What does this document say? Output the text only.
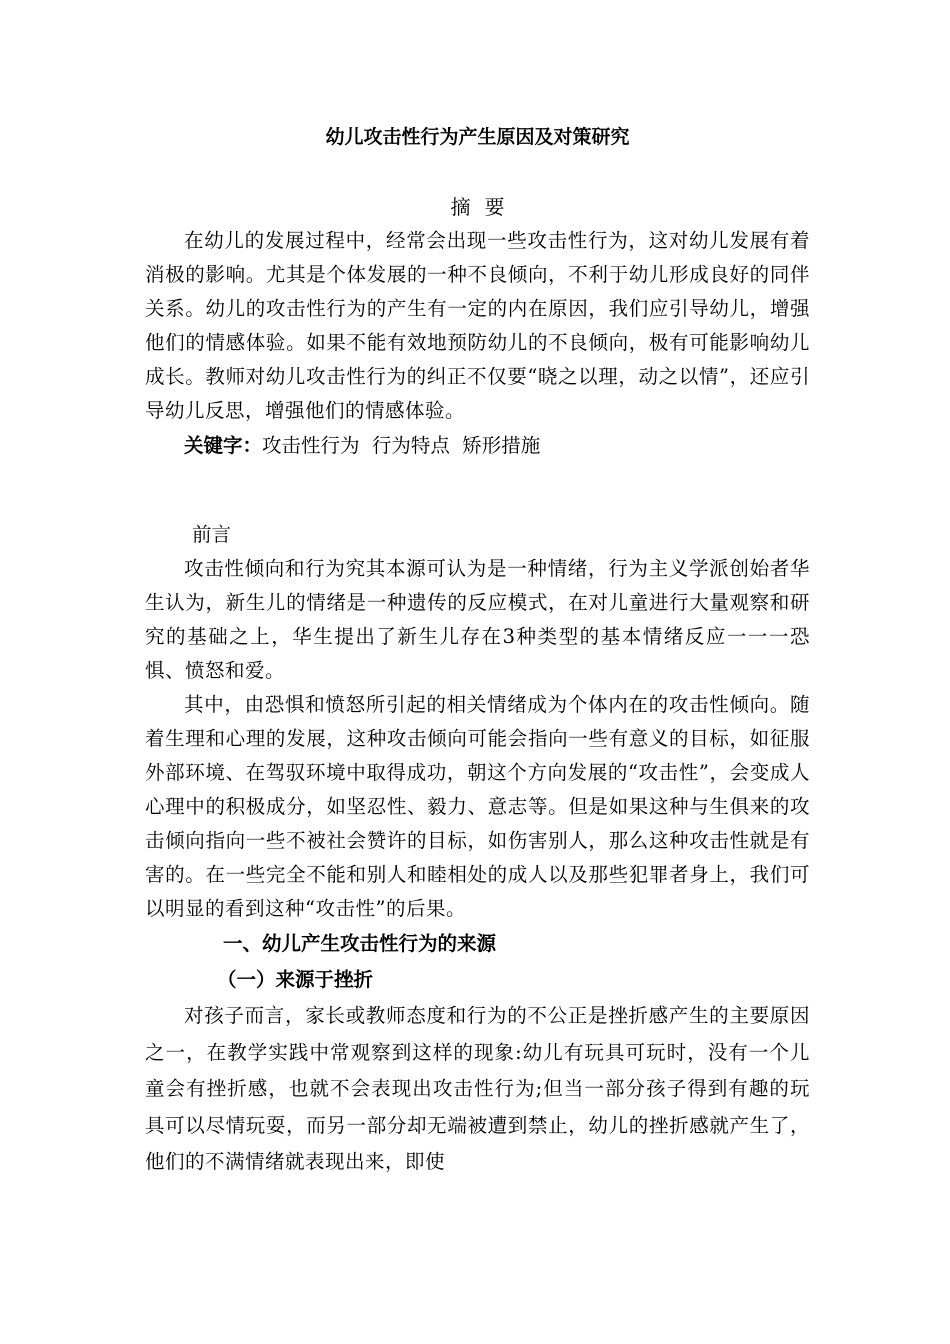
幼儿攻击性行为产生原因及对策研究
摘要

在幼儿的发展过程中，经常会出现一些攻击性行为，这对幼儿发展有着消极的影响。尤其是个体发展的一种不良倾向，不利于幼儿形成良好的同伴关系。幼儿的攻击性行为的产生有一定的内在原因，我们应引导幼儿，增强他们的情感体验。如果不能有效地预防幼儿的不良倾向，极有可能影响幼儿成长。教师对幼儿攻击性行为的纠正不仅要“晓之以理，动之以情”，还应引导幼儿反思，增强他们的情感体验。

关键字：攻击性行为  行为特点  矫形措施
前言

攻击性倾向和行为究其本源可认为是一种情绪，行为主义学派创始者华生认为，新生儿的情绪是一种遗传的反应模式，在对儿童进行大量观察和研究的基础之上，华生提出了新生儿存在3种类型的基本情绪反应一一一恐惧、愤怒和爱。

其中，由恐惧和愤怒所引起的相关情绪成为个体内在的攻击性倾向。随着生理和心理的发展，这种攻击倾向可能会指向一些有意义的目标，如征服外部环境、在驾驭环境中取得成功，朝这个方向发展的“攻击性”，会变成人心理中的积极成分，如坚忍性、毅力、意志等。但是如果这种与生俱来的攻击倾向指向一些不被社会赞许的目标，如伤害别人，那么这种攻击性就是有害的。在一些完全不能和别人和睦相处的成人以及那些犯罪者身上，我们可以明显的看到这种“攻击性”的后果。

一、幼儿产生攻击性行为的来源
（一）来源于挫折

对孩子而言，家长或教师态度和行为的不公正是挫折感产生的主要原因之一，在教学实践中常观察到这样的现象:幼儿有玩具可玩时，没有一个儿童会有挫折感，也就不会表现出攻击性行为;但当一部分孩子得到有趣的玩具可以尽情玩耍，而另一部分却无端被遭到禁止，幼儿的挫折感就产生了，他们的不满情绪就表现出来，即使
